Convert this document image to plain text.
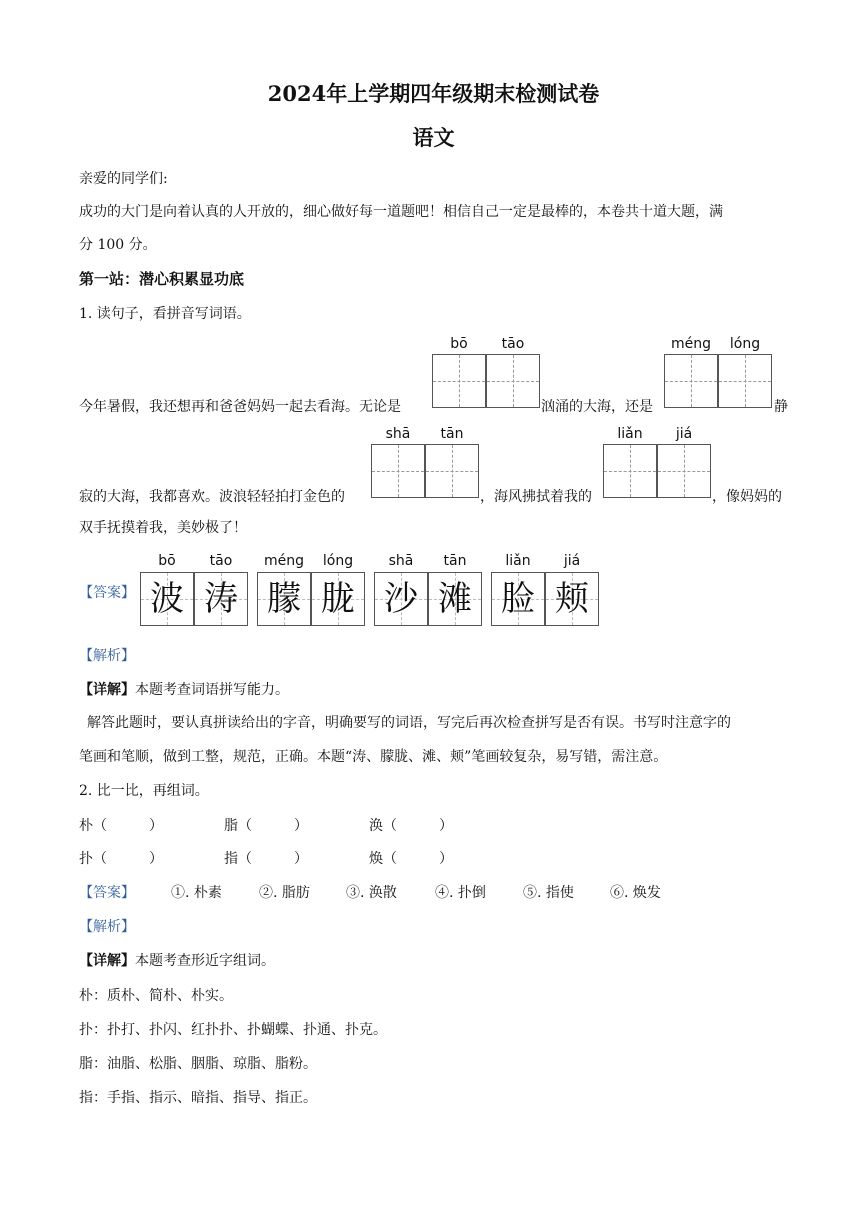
2024年上学期四年级期末检测试卷
语文
亲爱的同学们:
成功的大门是向着认真的人开放的，细心做好每一道题吧！相信自己一定是最棒的，本卷共十道大题，满
分 100 分。
第一站：潜心积累显功底
1. 读句子，看拼音写词语。
bō	tāo	méng	lóng
今年暑假，我还想再和爸爸妈妈一起去看海。无论是	汹涌的大海，还是	静
shā	tān	liǎn	jiá
寂的大海，我都喜欢。波浪轻轻拍打金色的	，海风拂拭着我的	，像妈妈的
双手抚摸着我，美妙极了！
【答案】
bō	tāo	méng	lóng	shā	tān	liǎn	jiá
波 涛 朦 胧 沙 滩 脸 颊
【解析】
【详解】本题考查词语拼写能力。
解答此题时，要认真拼读给出的字音，明确要写的词语，写完后再次检查拼写是否有误。书写时注意字的
笔画和笔顺，做到工整，规范，正确。本题“涛、朦胧、滩、颊”笔画较复杂，易写错，需注意。
2. 比一比，再组词。
朴（　　　）	脂（　　　）	涣（　　　）
扑（　　　）	指（　　　）	焕（　　　）
【答案】	①. 朴素	②. 脂肪	③. 涣散	④. 扑倒	⑤. 指使	⑥. 焕发
【解析】
【详解】本题考查形近字组词。
朴：质朴、简朴、朴实。
扑：扑打、扑闪、红扑扑、扑蝴蝶、扑通、扑克。
脂：油脂、松脂、胭脂、琼脂、脂粉。
指：手指、指示、暗指、指导、指正。
